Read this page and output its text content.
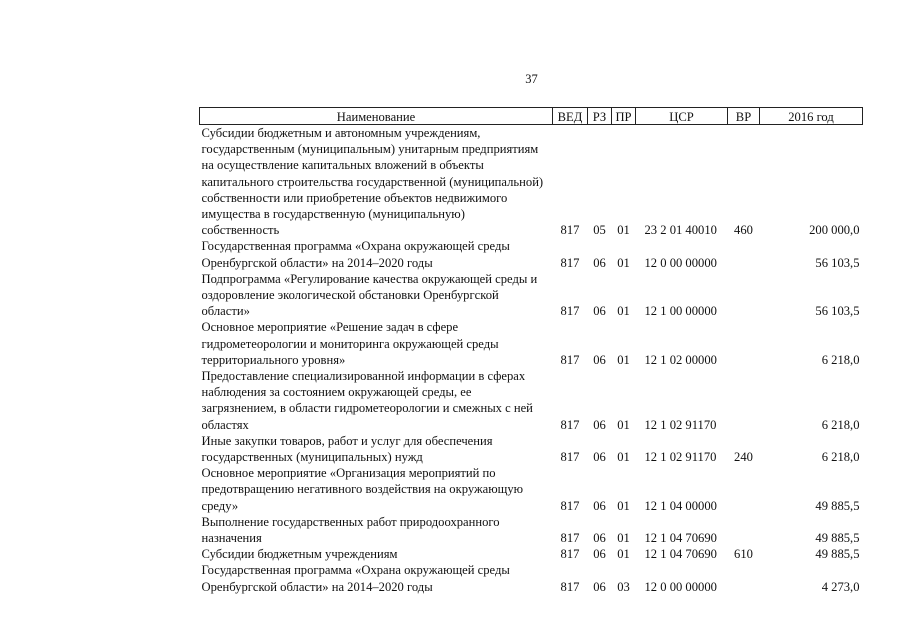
37
Наименование	ВЕД	РЗ	ПР	ЦСР	ВР	2016 год
Субсидии бюджетным и автономным учреждениям, государственным (муниципальным) унитарным предприятиям на осуществление капитальных вложений в объекты капитального строительства государственной (муниципальной) собственности или приобретение объектов недвижимого имущества в государственную (муниципальную) собственность	817	05	01	23 2 01 40010	460	200 000,0
Государственная программа «Охрана окружающей среды Оренбургской области» на 2014–2020 годы	817	06	01	12 0 00 00000		56 103,5
Подпрограмма «Регулирование качества окружающей среды и оздоровление экологической обстановки Оренбургской области»	817	06	01	12 1 00 00000		56 103,5
Основное мероприятие «Решение задач в сфере гидрометеорологии и мониторинга окружающей среды территориального уровня»	817	06	01	12 1 02 00000		6 218,0
Предоставление специализированной информации в сферах наблюдения за состоянием окружающей среды, ее загрязнением, в области гидрометеорологии и смежных с ней областях	817	06	01	12 1 02 91170		6 218,0
Иные закупки товаров, работ и услуг для обеспечения государственных (муниципальных) нужд	817	06	01	12 1 02 91170	240	6 218,0
Основное мероприятие «Организация мероприятий по предотвращению негативного воздействия на окружающую среду»	817	06	01	12 1 04 00000		49 885,5
Выполнение государственных работ природоохранного назначения	817	06	01	12 1 04 70690		49 885,5
Субсидии бюджетным учреждениям	817	06	01	12 1 04 70690	610	49 885,5
Государственная программа «Охрана окружающей среды Оренбургской области» на 2014–2020 годы	817	06	03	12 0 00 00000		4 273,0
